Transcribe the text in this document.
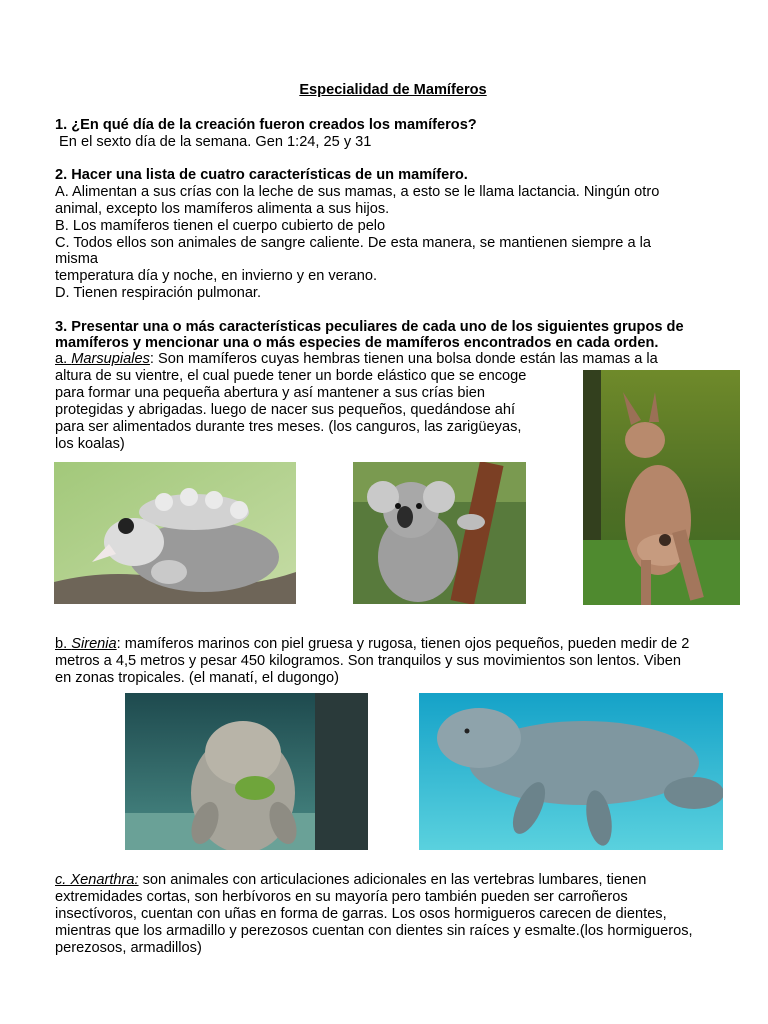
Especialidad de Mamíferos
1. ¿En qué día de la creación fueron creados los mamíferos?
En el sexto día de la semana. Gen 1:24, 25 y 31
2. Hacer una lista de cuatro características de un mamífero.
A. Alimentan a sus crías con la leche de sus mamas, a esto se le llama lactancia. Ningún otro
animal, excepto los mamíferos alimenta a sus hijos.
B. Los mamíferos tienen el cuerpo cubierto de pelo
C. Todos ellos son animales de sangre caliente. De esta manera, se mantienen siempre a la
misma
temperatura día y noche, en invierno y en verano.
D. Tienen respiración pulmonar.
3. Presentar una o más características peculiares de cada uno de los siguientes grupos de
mamíferos y mencionar una o más especies de mamíferos encontrados en cada orden.
a. Marsupiales: Son mamíferos cuyas hembras tienen una bolsa donde están las mamas a la
altura de su vientre, el cual puede tener un borde elástico que se encoge
para formar una pequeña abertura y así mantener a sus crías bien
protegidas y abrigadas. luego de nacer sus pequeños, quedándose ahí
para ser alimentados durante tres meses. (los canguros, las zarigüeyas,
los koalas)
b. Sirenia: mamíferos marinos con piel gruesa y rugosa, tienen ojos pequeños, pueden medir de 2
metros a 4,5 metros y pesar 450 kilogramos. Son tranquilos y sus movimientos son lentos. Viben
en zonas tropicales. (el manatí, el dugongo)
c. Xenarthra: son animales con articulaciones adicionales en las vertebras lumbares, tienen
extremidades cortas, son herbívoros en su mayoría pero también pueden ser carroñeros
insectívoros, cuentan con uñas en forma de garras. Los osos hormigueros carecen de dientes,
mientras que los armadillo y perezosos cuentan con dientes sin raíces y esmalte.(los hormigueros,
perezosos, armadillos)
